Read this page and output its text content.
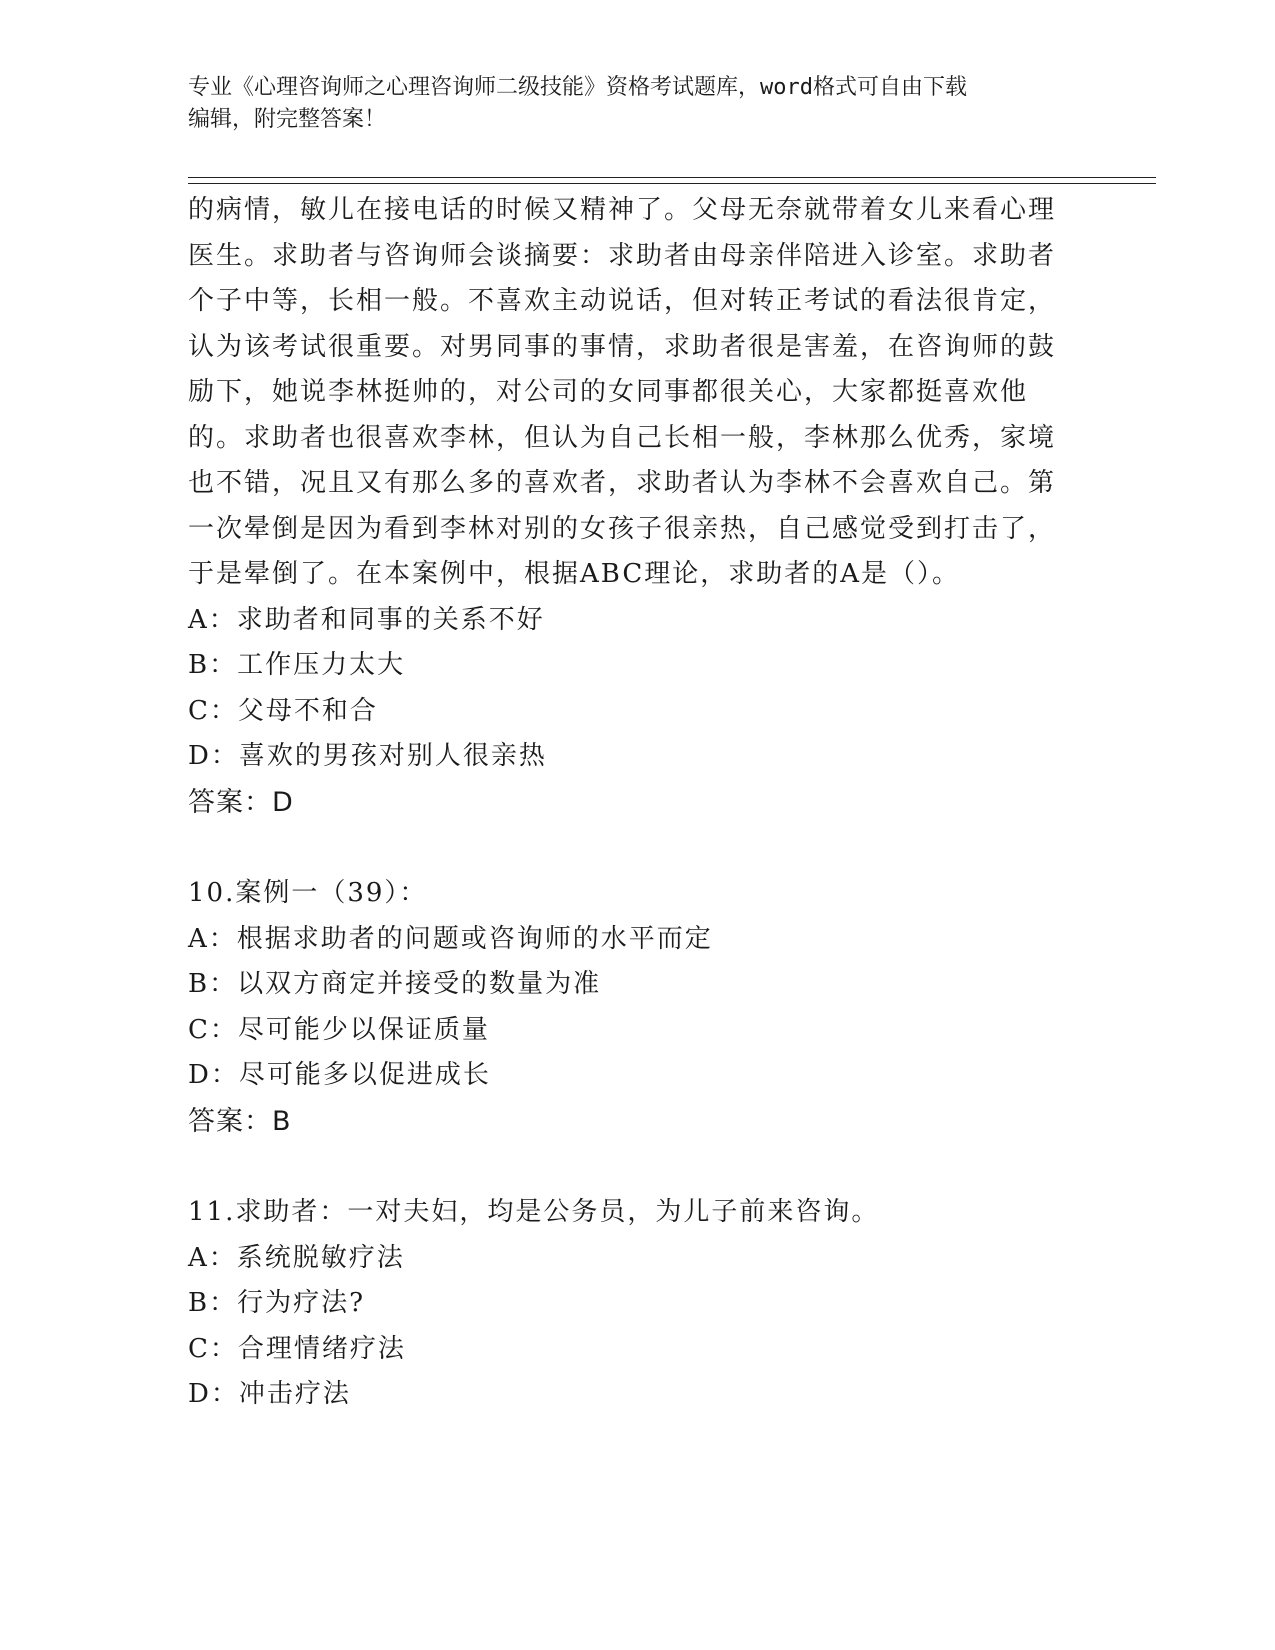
专业《心理咨询师之心理咨询师二级技能》资格考试题库，word格式可自由下载
编辑，附完整答案！

的病情，敏儿在接电话的时候又精神了。父母无奈就带着女儿来看心理医生。求助者与咨询师会谈摘要：求助者由母亲伴陪进入诊室。求助者个子中等，长相一般。不喜欢主动说话，但对转正考试的看法很肯定，认为该考试很重要。对男同事的事情，求助者很是害羞，在咨询师的鼓励下，她说李林挺帅的，对公司的女同事都很关心，大家都挺喜欢他的。求助者也很喜欢李林，但认为自己长相一般，李林那么优秀，家境也不错，况且又有那么多的喜欢者，求助者认为李林不会喜欢自己。第一次晕倒是因为看到李林对别的女孩子很亲热，自己感觉受到打击了，于是晕倒了。在本案例中，根据ABC理论，求助者的A是（）。

A：求助者和同事的关系不好

B：工作压力太大

C：父母不和合

D：喜欢的男孩对别人很亲热

答案：D

10.案例一（39）：

A：根据求助者的问题或咨询师的水平而定

B：以双方商定并接受的数量为准

C：尽可能少以保证质量

D：尽可能多以促进成长

答案：B

11.求助者：一对夫妇，均是公务员，为儿子前来咨询。

A：系统脱敏疗法

B：行为疗法?

C：合理情绪疗法

D：冲击疗法
